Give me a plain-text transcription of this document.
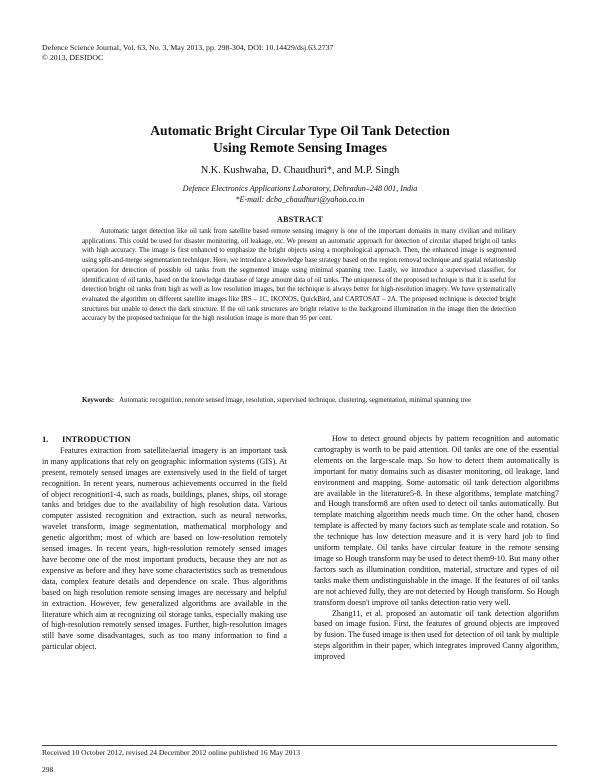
Defence Science Journal, Vol. 63, No. 3, May 2013, pp. 298-304, DOI: 10.14429/dsj.63.2737
© 2013, DESIDOC
Automatic Bright Circular Type Oil Tank Detection
Using Remote Sensing Images
N.K. Kushwaha, D. Chaudhuri*, and M.P. Singh
Defence Electronics Applications Laboratory, Dehradun–248 001, India
*E-mail: dcba_chaudhuri@yahoo.co.in
ABSTRACT

Automatic target detection like oil tank from satellite based remote sensing imagery is one of the important domains in many civilian and military applications. This could be used for disaster monitoring, oil leakage, etc. We present an automatic approach for detection of circular shaped bright oil tanks with high accuracy. The image is first enhanced to emphasize the bright objects using a morphological approach. Then, the enhanced image is segmented using split-and-merge segmentation technique. Here, we introduce a knowledge base strategy based on the region removal technique and spatial relationship operation for detection of possible oil tanks from the segmented image using minimal spanning tree. Lastly, we introduce a supervised classifier, for identification of oil tanks, based on the knowledge database of large amount data of oil tanks. The uniqueness of the proposed technique is that it is useful for detection bright oil tanks from high as well as low resolution images, but the technique is always better for high-resolution imagery. We have systematically evaluated the algorithm on different satellite images like IRS – 1C, IKONOS, QuickBird, and CARTOSAT – 2A. The proposed technique is detected bright structures but unable to detect the dark structure. If the oil tank structures are bright relative to the background illumination in the image then the detection accuracy by the proposed technique for the high resolution image is more than 95 per cent.

Keywords: Automatic recognition, remote sensed image, resolution, supervised technique, clustering, segmentation, minimal spanning tree
1. INTRODUCTION

Features extraction from satellite/aerial imagery is an important task in many applications that rely on geographic information systems (GIS). At present, remotely sensed images are extensively used in the field of target recognition. In recent years, numerous achievements occurred in the field of object recognition1-4, such as roads, buildings, planes, ships, oil storage tanks and bridges due to the availability of high resolution data. Various computer assisted recognition and extraction, such as neural networks, wavelet transform, image segmentation, mathematical morphology and genetic algorithm; most of which are based on low-resolution remotely sensed images. In recent years, high-resolution remotely sensed images have become one of the most important products, because they are not as expensive as before and they have some characteristics such as tremendous data, complex feature details and dependence on scale. Thus algorithms based on high resolution remote sensing images are necessary and helpful in extraction. However, few generalized algorithms are available in the literature which aim at recognizing oil storage tanks, especially making use of high-resolution remotely sensed images. Further, high-resolution images still have some disadvantages, such as too many information to find a particular object.

How to detect ground objects by pattern recognition and automatic cartography is worth to be paid attention. Oil tanks are one of the essential elements on the large-scale map. So how to detect them automatically is important for many domains such as disaster monitoring, oil leakage, land environment and mapping. Some automatic oil tank detection algorithms are available in the literature5-8. In these algorithms, template matching7 and Hough transform8 are often used to detect oil tanks automatically. But template matching algorithm needs much time. On the other hand, chosen template is affected by many factors such as template scale and rotation. So the technique has low detection measure and it is very hard job to find uniform template. Oil tanks have circular feature in the remote sensing image so Hough transform may be used to detect them9-10. But many other factors such as illumination condition, material, structure and types of oil tanks make them undistinguishable in the image. If the features of oil tanks are not achieved fully, they are not detected by Hough transform. So Hough transform doesn't improve oil tanks detection ratio very well.

Zhang11, et al. proposed an automatic oil tank detection algorithm based on image fusion. First, the features of ground objects are improved by fusion. The fused image is then used for detection of oil tank by multiple steps algorithm in their paper, which integrates improved Canny algorithm, improved

Received 10 October 2012, revised 24 December 2012 online published 16 May 2013
298
